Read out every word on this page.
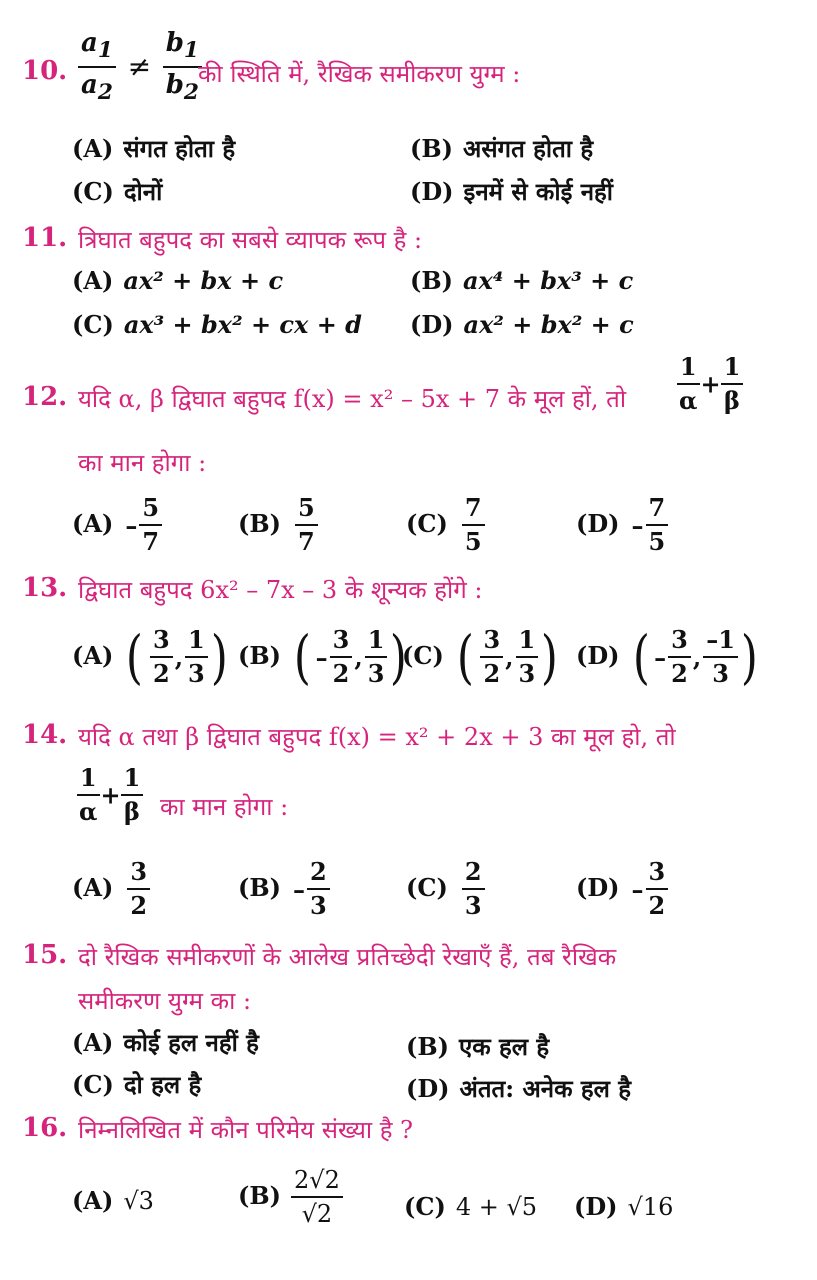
10. $\frac{a_1}{a_2} \ne \frac{b_1}{b_2}$
की स्थिति में, रैखिक समीकरण युग्म :
(A) संगत होता है	(B) असंगत होता है
(C) दोनों	(D) इनमें से कोई नहीं
11. त्रिघात बहुपद का सबसे व्यापक रूप है :
(A) ax² + bx + c	(B) ax⁴ + bx³ + c
(C) ax³ + bx² + cx + d (D) ax² + bx² + c
12. यदि α, β द्विघात बहुपद f(x) = x² – 5x + 7 के मूल हों, तो $\frac{1}{\alpha} + \frac{1}{\beta}$
का मान होगा :
$(A) - \frac{5}{7}$	$(B) \frac{5}{7}$	$(C) \frac{7}{5}$	$(D) - \frac{7}{5}$
13. द्विघात बहुपद 6x² – 7x – 3 के शून्यक होंगे :
(A) ( $\frac{3}{2}$ , $\frac{1}{3}$ ) (B) ( – $\frac{3}{2}$ , $\frac{1}{3}$ )
(C) ( $\frac{3}{2}$ , $\frac{1}{3}$ ) (D) ( – $\frac{3}{2}$ , $\frac{-1}{3}$ )
14. यदि α तथा β द्विघात बहुपद f(x) = x² + 2x + 3 का मूल हो, तो
$\frac{1}{\alpha} + \frac{1}{\beta}$ का मान होगा :
$(A) \frac{3}{2}$	$(B) - \frac{2}{3}$	$(C) \frac{2}{3}$	$(D) - \frac{3}{2}$
15. दो रैखिक समीकरणों के आलेख प्रतिच्छेदी रेखाएँ हैं, तब रैखिक
समीकरण युग्म का :
(A) कोई हल नहीं है	(B) एक हल है
(C) दो हल है	(D) अंतत: अनेक हल है
16. निम्नलिखित में कौन परिमेय संख्या है ?
(A) √3	$(B) \frac{2√2}{√2}$	(C) 4 + √5 (D) √16
